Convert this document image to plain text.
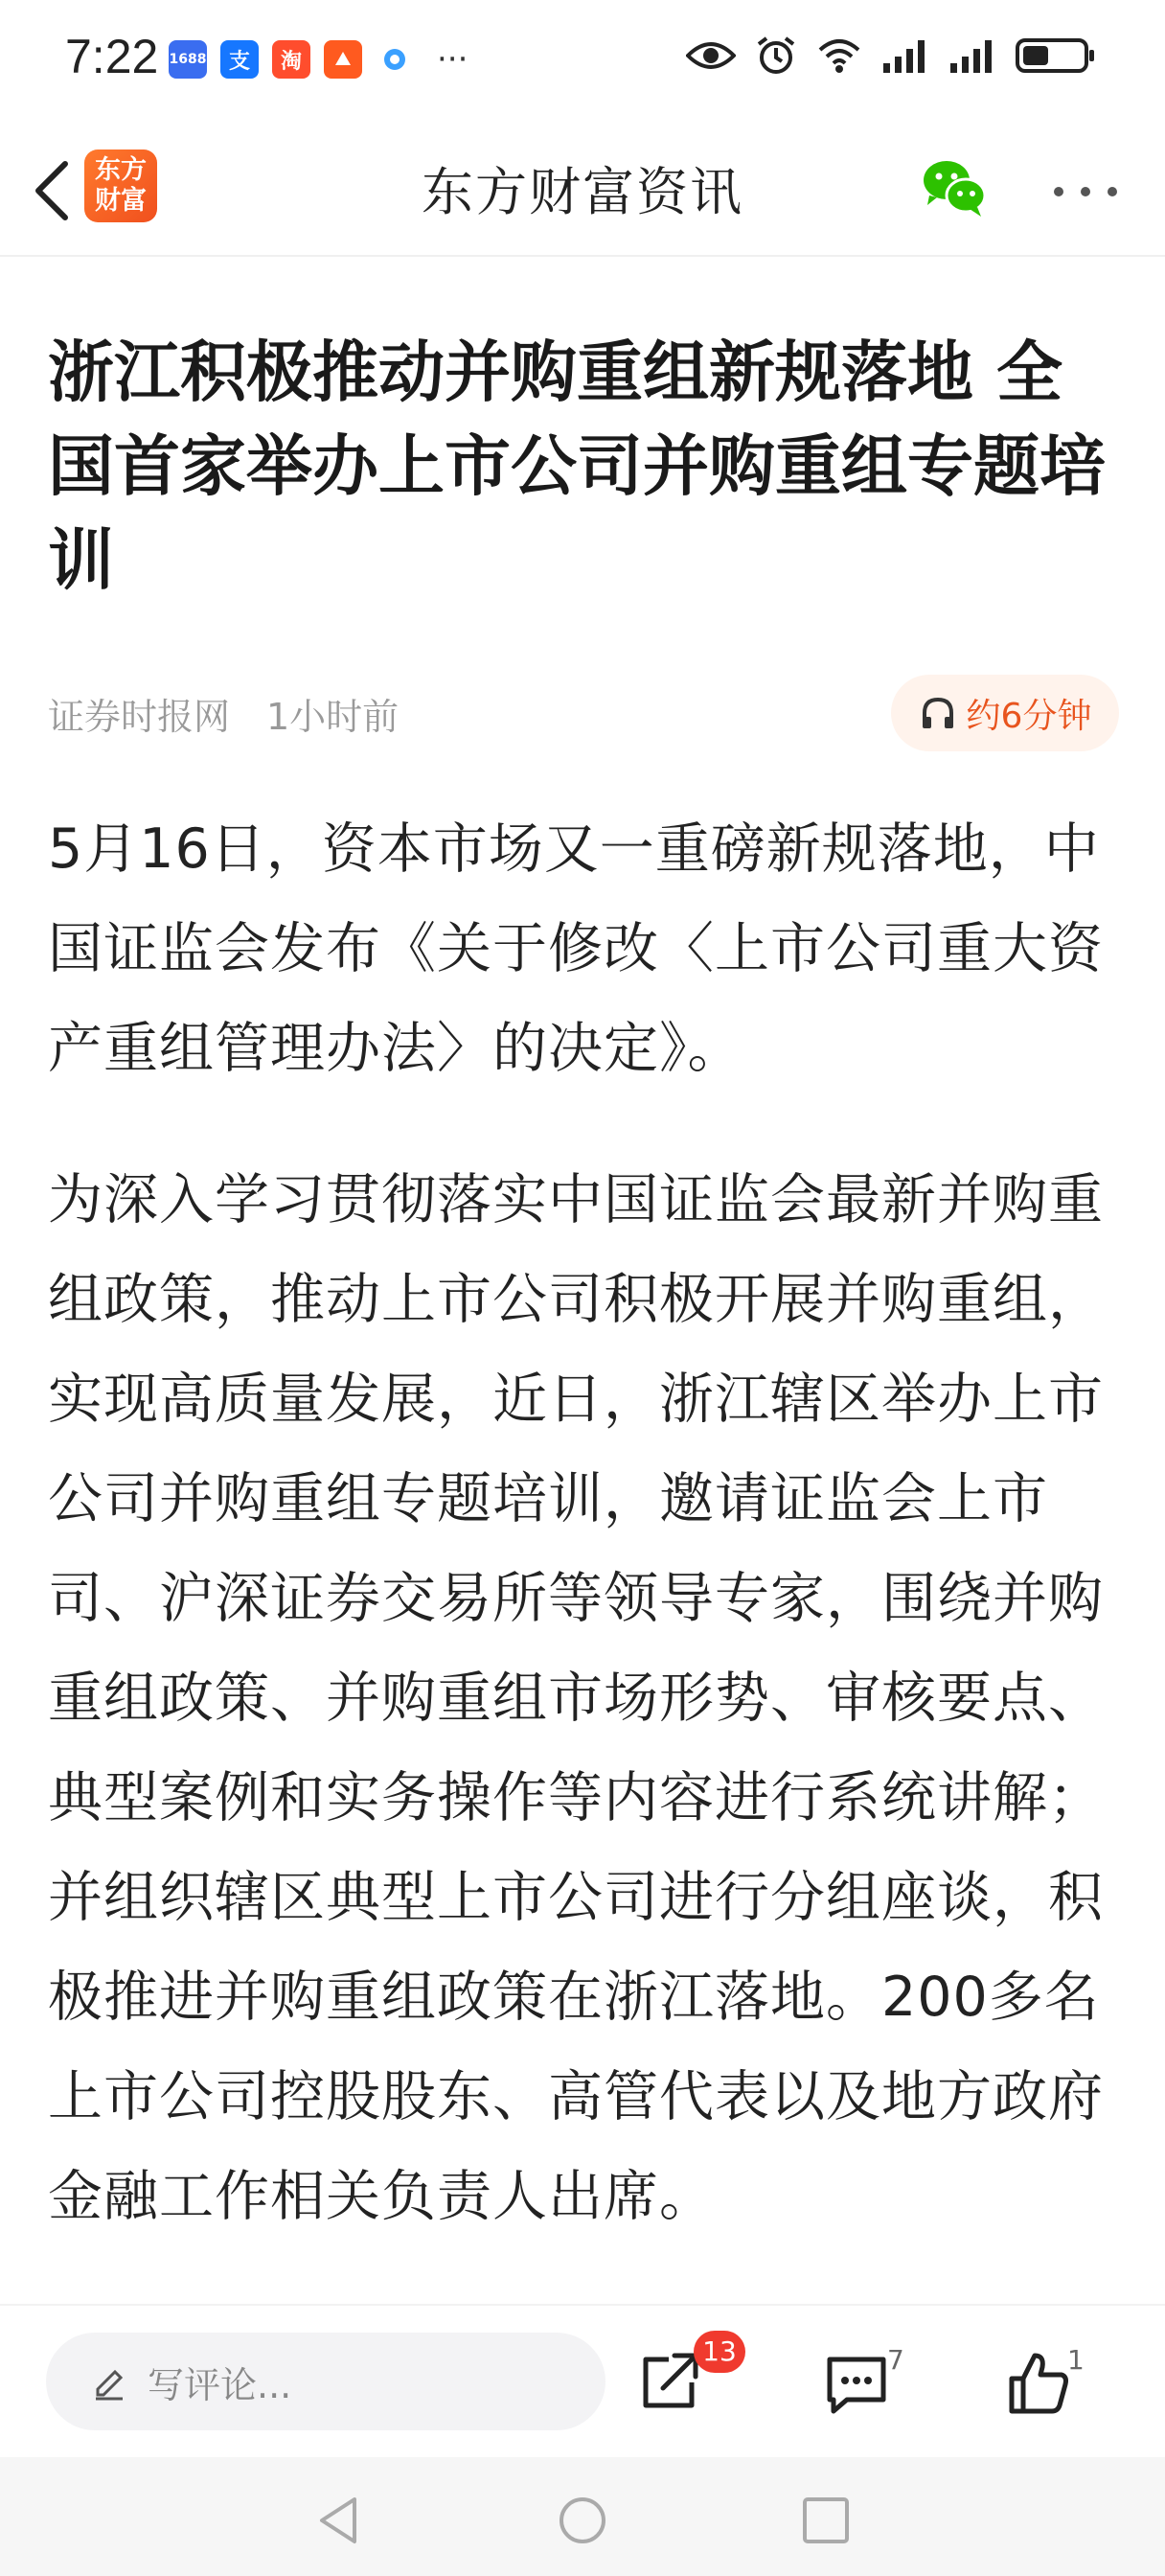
7:22 1688	支	淘	···
东方
财富	东方财富资讯
浙江积极推动并购重组新规落地 全国首家举办上市公司并购重组专题培训
证券时报网 1小时前	约6分钟

5月16日，资本市场又一重磅新规落地，中国证监会发布《关于修改〈上市公司重大资产重组管理办法〉的决定》。

为深入学习贯彻落实中国证监会最新并购重组政策，推动上市公司积极开展并购重组，实现高质量发展，近日，浙江辖区举办上市公司并购重组专题培训，邀请证监会上市司、沪深证券交易所等领导专家，围绕并购重组政策、并购重组市场形势、审核要点、典型案例和实务操作等内容进行系统讲解；并组织辖区典型上市公司进行分组座谈，积极推进并购重组政策在浙江落地。200多名上市公司控股股东、高管代表以及地方政府金融工作相关负责人出席。

写评论...
13	7	1
